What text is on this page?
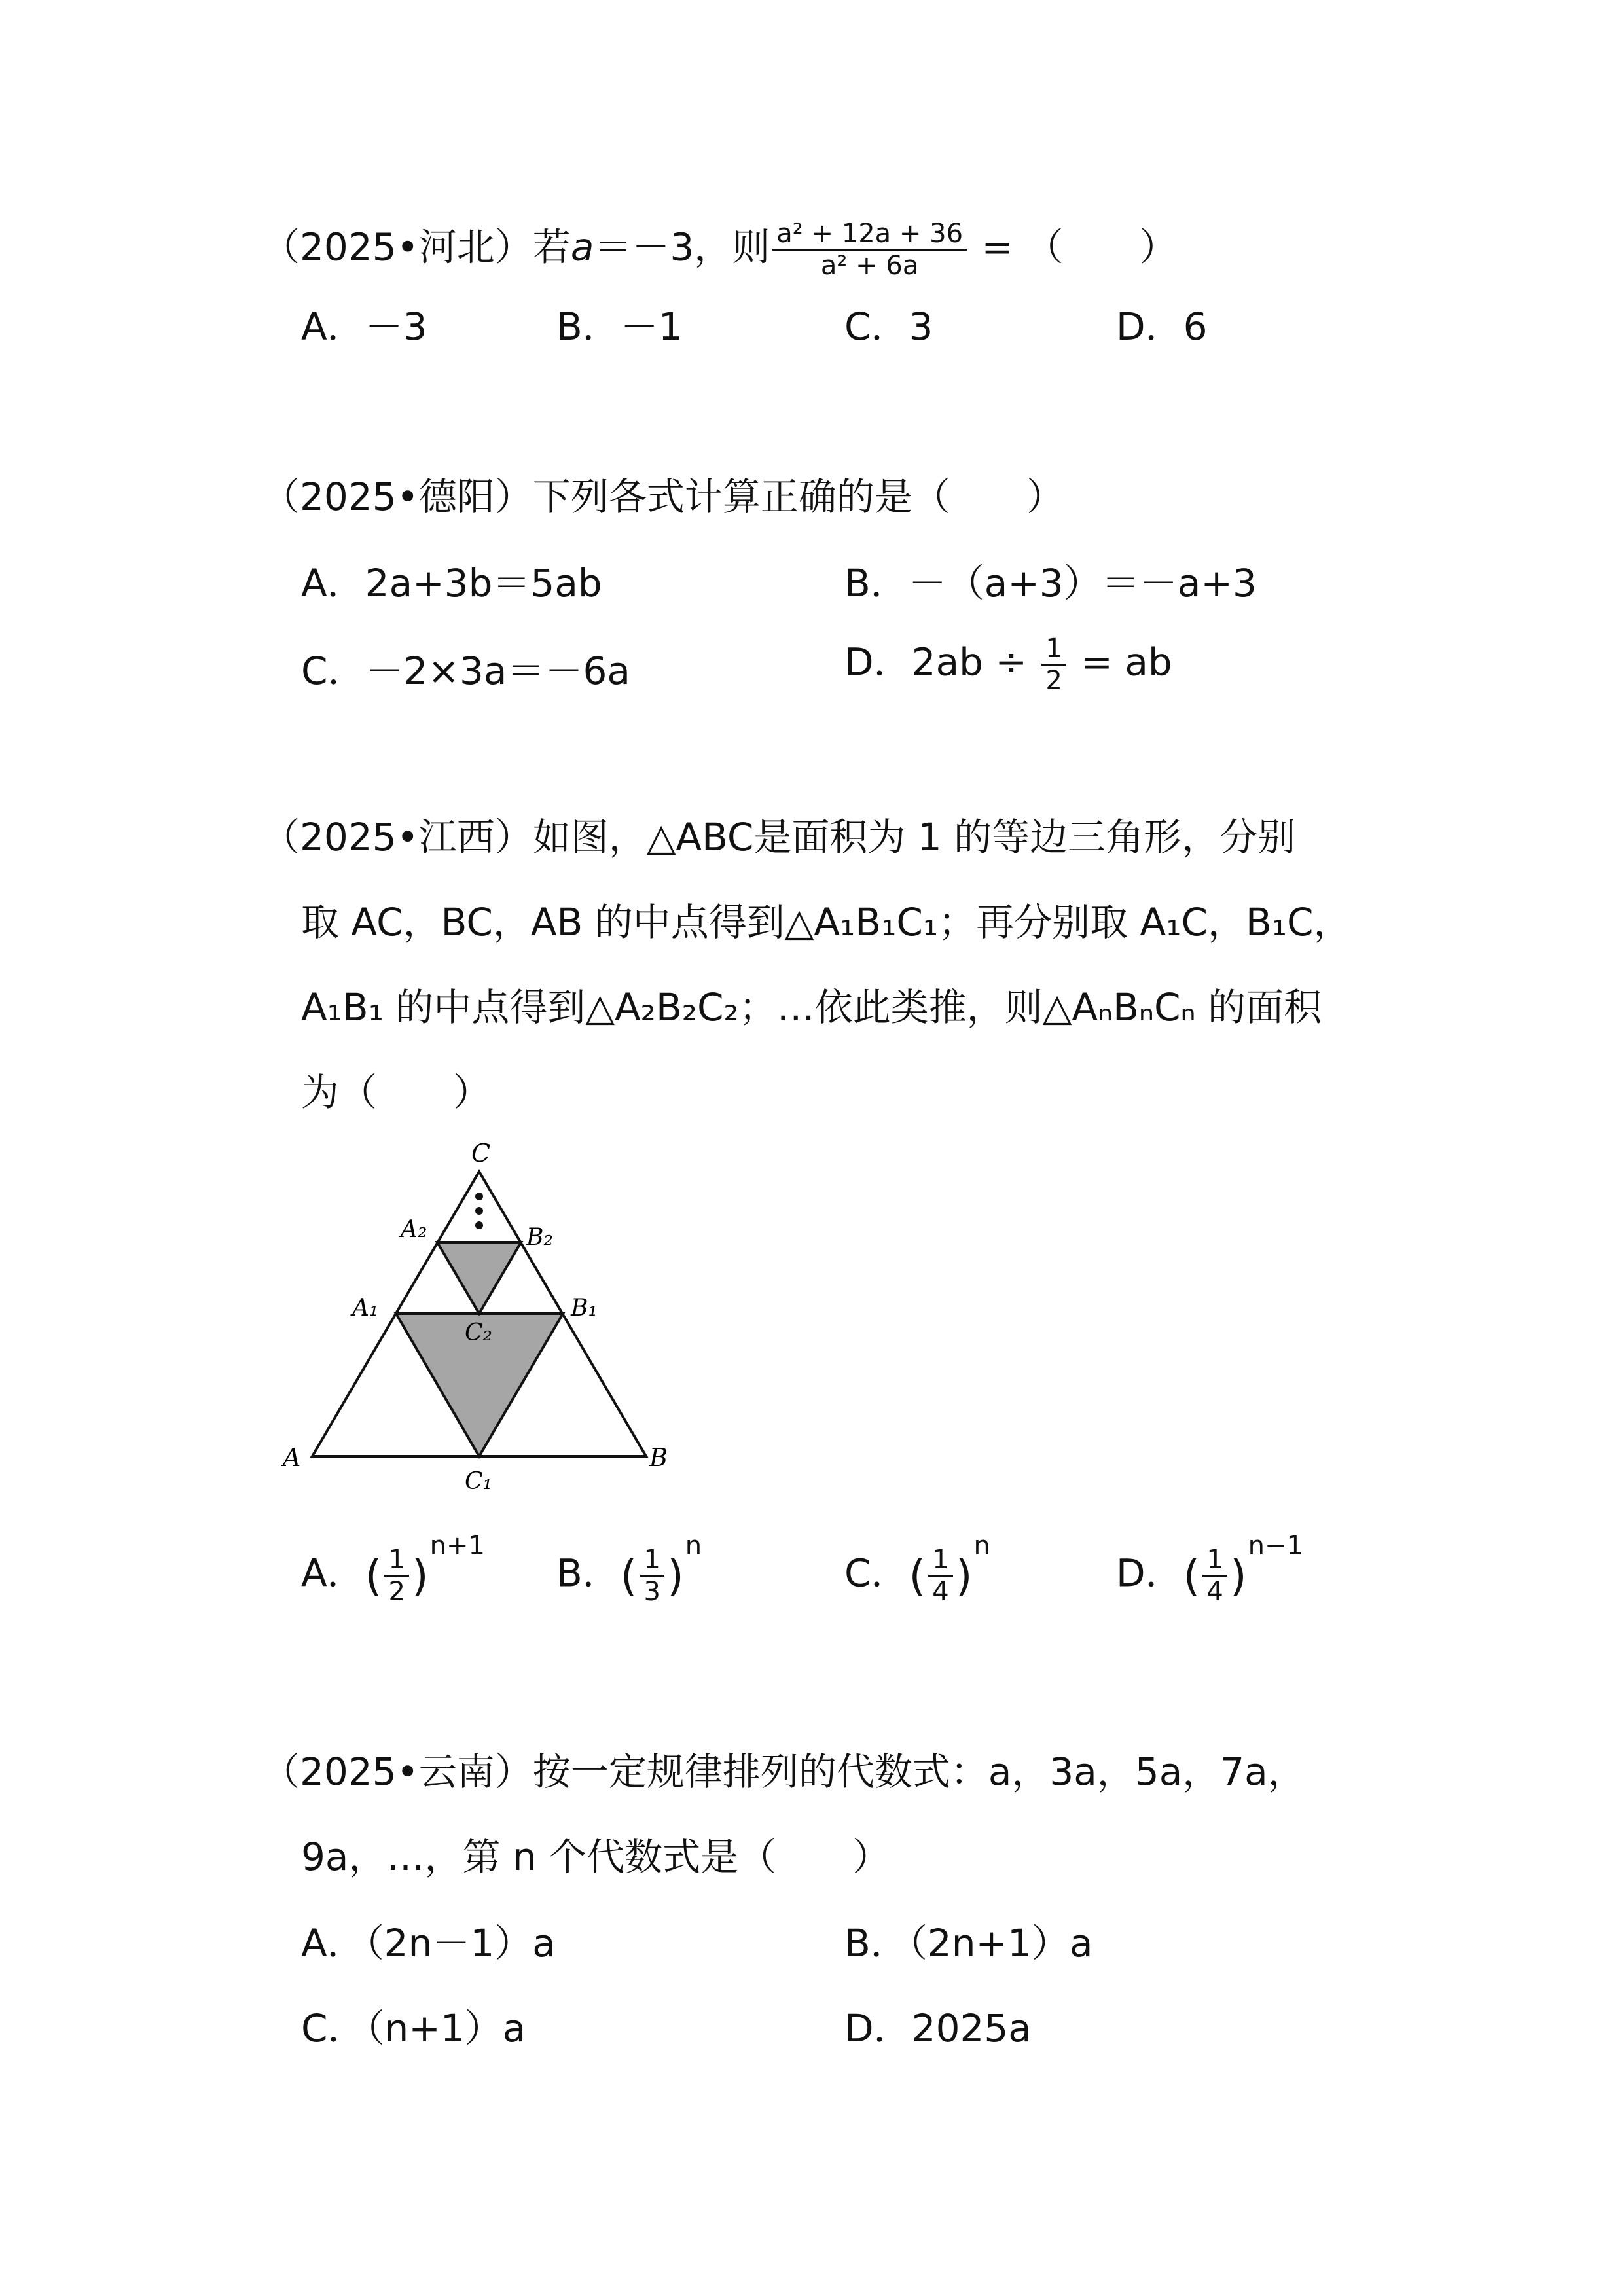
（2025•河北）若a＝－3，则 $\frac{\text{a² + 12a + 36}}{\text{a² + 6a}}$ = （　　）
A．－3	B．－1	C．3	D．6
（2025•德阳）下列各式计算正确的是（　　）
A．2a+3b＝5ab	B．－（a+3）＝－a+3
C．－2×3a＝－6a	D．$2ab \div \frac{1}{2}$ = ab
（2025•江西）如图，△ABC是面积为 1 的等边三角形，分别
取 AC，BC，AB 的中点得到△A₁B₁C₁；再分别取 A₁C，B₁C，
A₁B₁ 的中点得到△A₂B₂C₂；…依此类推，则△AₙBₙCₙ 的面积
为（　　）
C
A₂	B₂
A₁	B₁
C₂
A
C₁
B
A． ( $\frac{1}{2}$ )
n+1
B． ( $\frac{1}{3}$ )
n
C． ( $\frac{1}{4}$ )
n
D． ( $\frac{1}{4}$ )
n−1
（2025•云南）按一定规律排列的代数式：a，3a，5a，7a，
9a，…，第 n 个代数式是（　　）
A．（2n－1）a	B．（2n+1）a
C．（n+1）a	D．2025a
